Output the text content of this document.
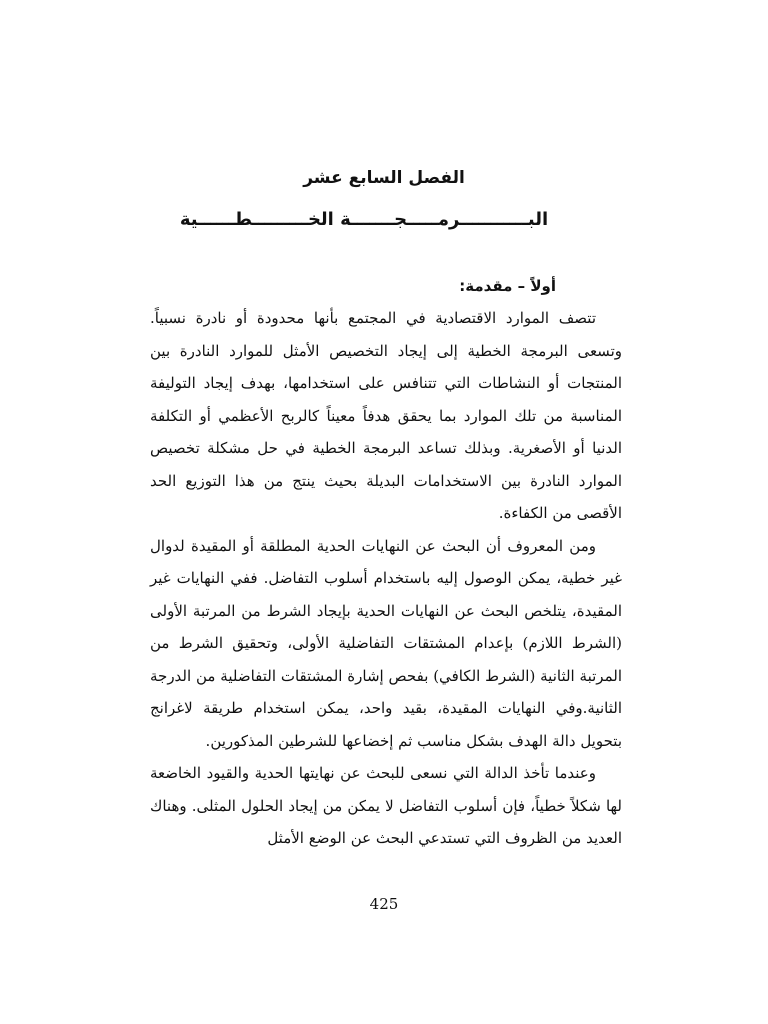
الفصل السابع عشر
البـــــــــــرمـــــجـــــــة الخـــــــــطــــــية

أولاً – مقدمة:

تتصف الموارد الاقتصادية في المجتمع بأنها محدودة أو نادرة نسبياً. وتسعى البرمجة الخطية إلى إيجاد التخصيص الأمثل للموارد النادرة بين المنتجات أو النشاطات التي تتنافس على استخدامها، بهدف إيجاد التوليفة المناسبة من تلك الموارد بما يحقق هدفاً معيناً كالربح الأعظمي أو التكلفة الدنيا أو الأصغرية. وبذلك تساعد البرمجة الخطية في حل مشكلة تخصيص الموارد النادرة بين الاستخدامات البديلة بحيث ينتج من هذا التوزيع الحد الأقصى من الكفاءة.

ومن المعروف أن البحث عن النهايات الحدية المطلقة أو المقيدة لدوال غير خطية، يمكن الوصول إليه باستخدام أسلوب التفاضل. ففي النهايات غير المقيدة، يتلخص البحث عن النهايات الحدية بإيجاد الشرط من المرتبة الأولى (الشرط اللازم) بإعدام المشتقات التفاضلية الأولى، وتحقيق الشرط من المرتبة الثانية (الشرط الكافي) بفحص إشارة المشتقات التفاضلية من الدرجة الثانية.وفي النهايات المقيدة، بقيد واحد، يمكن استخدام طريقة لاغرانج بتحويل دالة الهدف بشكل مناسب ثم إخضاعها للشرطين المذكورين.

وعندما تأخذ الدالة التي نسعى للبحث عن نهايتها الحدية والقيود الخاضعة لها شكلاً خطياً، فإن أسلوب التفاضل لا يمكن من إيجاد الحلول المثلى. وهناك العديد من الظروف التي تستدعي البحث عن الوضع الأمثل

425
